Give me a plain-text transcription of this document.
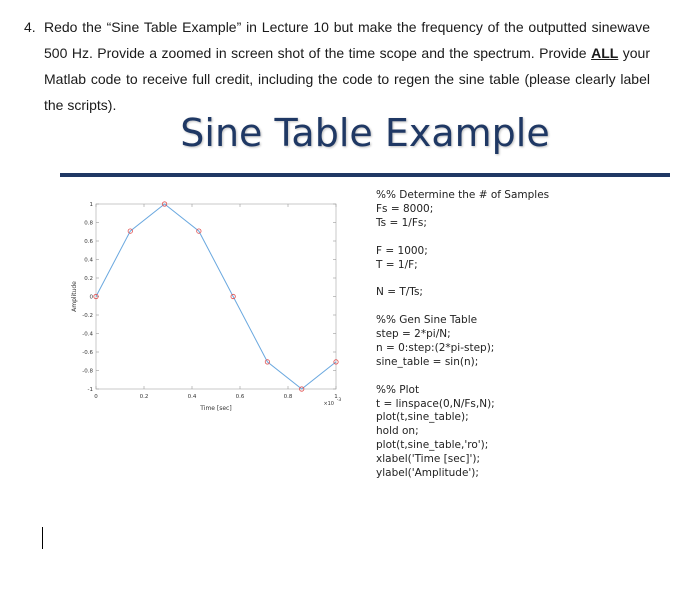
4. Redo the “Sine Table Example” in Lecture 10 but make the frequency of the outputted sinewave 500 Hz. Provide a zoomed in screen shot of the time scope and the spectrum. Provide ALL your Matlab code to receive full credit, including the code to regen the sine table (please clearly label the scripts).
Sine Table Example
1
0.8
0.6
0.4
0.2
0
-0.2
-0.4
-0.6
-0.8
-1
0	0.2	0.4	0.6	0.8	1
×10
-3
Time [sec]
Amplitude
%% Determine the # of Samples
Fs = 8000;
Ts = 1/Fs;
F = 1000;
T = 1/F;
N = T/Ts;
%% Gen Sine Table
step = 2*pi/N;
n = 0:step:(2*pi-step);
sine_table = sin(n);
%% Plot
t = linspace(0,N/Fs,N);
plot(t,sine_table);
hold on;
plot(t,sine_table,'ro');
xlabel('Time [sec]');
ylabel('Amplitude');
